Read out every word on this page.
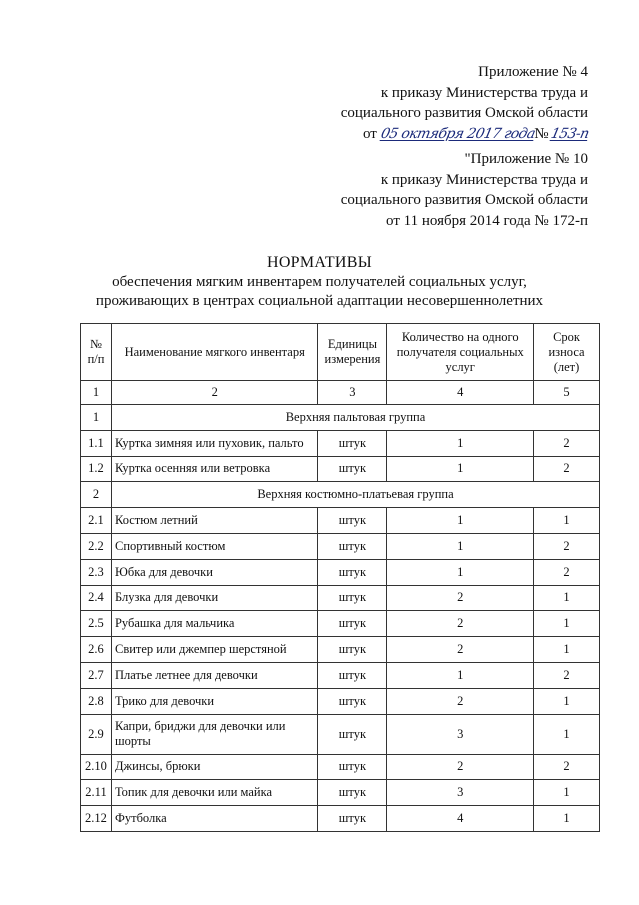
Приложение № 4
к приказу Министерства труда и
социального развития Омской области
от 05 октября 2017 года№153-п
"Приложение № 10
к приказу Министерства труда и
социального развития Омской области
от 11 ноября 2014 года № 172-п
НОРМАТИВЫ
обеспечения мягким инвентарем получателей социальных услуг,
проживающих в центрах социальной адаптации несовершеннолетних
№ п/п	Наименование мягкого инвентаря	Единицы измерения	Количество на одного получателя социальных услуг	Срок износа (лет)
1	2	3	4	5
1	Верхняя пальтовая группа			
1.1	Куртка зимняя или пуховик, пальто	штук	1	2
1.2	Куртка осенняя или ветровка	штук	1	2
2	Верхняя костюмно-платьевая группа			
2.1	Костюм летний	штук	1	1
2.2	Спортивный костюм	штук	1	2
2.3	Юбка для девочки	штук	1	2
2.4	Блузка для девочки	штук	2	1
2.5	Рубашка для мальчика	штук	2	1
2.6	Свитер или джемпер шерстяной	штук	2	1
2.7	Платье летнее для девочки	штук	1	2
2.8	Трико для девочки	штук	2	1
2.9	Капри, бриджи для девочки или шорты	штук	3	1
2.10	Джинсы, брюки	штук	2	2
2.11	Топик для девочки или майка	штук	3	1
2.12	Футболка	штук	4	1
